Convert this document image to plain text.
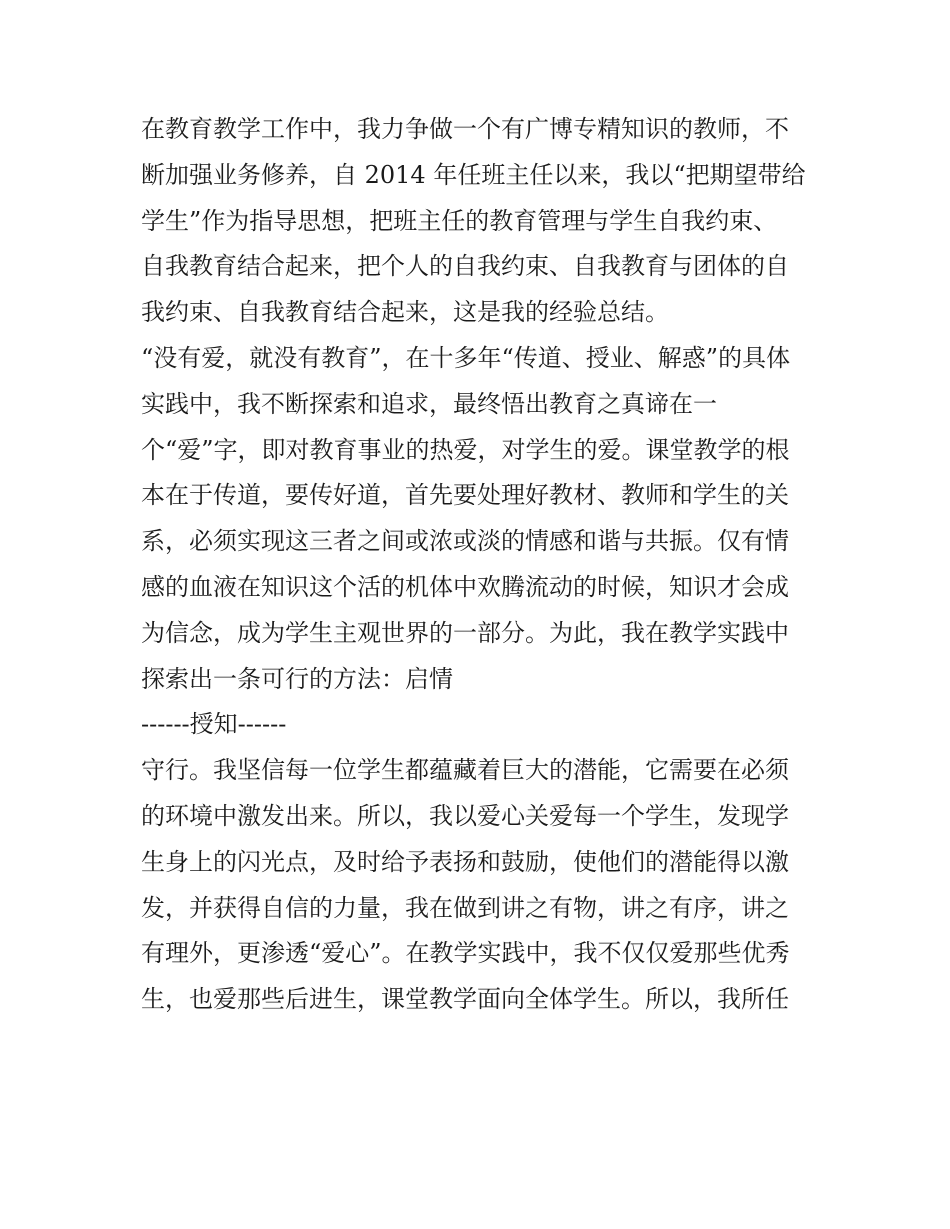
在教育教学工作中，我力争做一个有广博专精知识的教师，不
断加强业务修养，自 2014 年任班主任以来，我以“把期望带给
学生”作为指导思想，把班主任的教育管理与学生自我约束、
自我教育结合起来，把个人的自我约束、自我教育与团体的自
我约束、自我教育结合起来，这是我的经验总结。
“没有爱，就没有教育”，在十多年“传道、授业、解惑”的具体
实践中，我不断探索和追求，最终悟出教育之真谛在一
个“爱”字，即对教育事业的热爱，对学生的爱。课堂教学的根
本在于传道，要传好道，首先要处理好教材、教师和学生的关
系，必须实现这三者之间或浓或淡的情感和谐与共振。仅有情
感的血液在知识这个活的机体中欢腾流动的时候，知识才会成
为信念，成为学生主观世界的一部分。为此，我在教学实践中
探索出一条可行的方法：启情
------授知------
守行。我坚信每一位学生都蕴藏着巨大的潜能，它需要在必须
的环境中激发出来。所以，我以爱心关爱每一个学生，发现学
生身上的闪光点，及时给予表扬和鼓励，使他们的潜能得以激
发，并获得自信的力量，我在做到讲之有物，讲之有序，讲之
有理外，更渗透“爱心”。在教学实践中，我不仅仅爱那些优秀
生，也爱那些后进生，课堂教学面向全体学生。所以，我所任
